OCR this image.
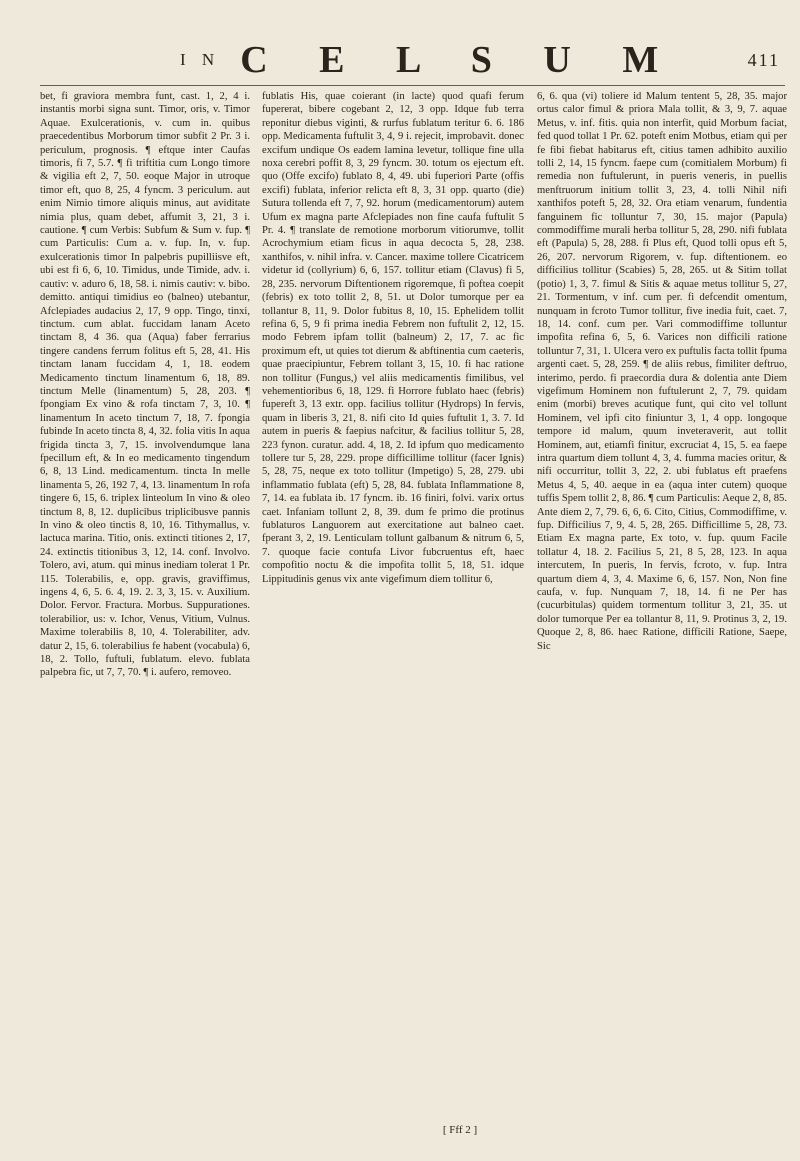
I N C E L S U M	411

bet, fi graviora membra funt, cast. 1, 2, 4 i. instantis morbi signa sunt. Timor, oris, v. Timor Aquae. Exulcerationis, v. cum in. quibus praecedentibus Morborum timor subfit 2 Pr. 3 i. periculum, prognosis. ¶ eftque inter Caufas timoris, fi 7, 5.7. ¶ fi triftitia cum Longo timore & vigilia eft 2, 7, 50. eoque Major in utroque timor eft, quo 8, 25, 4 fyncm. 3 periculum. aut enim Nimio timore aliquis minus, aut aviditate nimia plus, quam debet, affumit 3, 21, 3 i. cautione. ¶ cum Verbis: Subfum & Sum v. fup. ¶ cum Particulis: Cum a. v. fup. In, v. fup. exulcerationis timor In palpebris pupilliisve eft, ubi est fi 6, 6, 10. Timidus, unde Timide, adv. i. cautiv: v. aduro 6, 18, 58. i. nimis cautiv: v. bibo. demitto. antiqui timidius eo (balneo) utebantur, Afclepiades audacius 2, 17, 9 opp. Tingo, tinxi, tinctum. cum ablat. fuccidam lanam Aceto tinctam 8, 4 36. qua (Aqua) faber ferrarius tingere candens ferrum folitus eft 5, 28, 41. His tinctam lanam fuccidam 4, 1, 18. eodem Medicamento tinctum linamentum 6, 18, 89. tinctum Melle (linamentum) 5, 28, 203. ¶ fpongiam Ex vino & rofa tinctam 7, 3, 10. ¶ linamentum In aceto tinctum 7, 18, 7. fpongia fubinde In aceto tincta 8, 4, 32. folia vitis In aqua frigida tincta 3, 7, 15. involvendumque lana fpecillum eft, & In eo medicamento tingendum 6, 8, 13 Lind. medicamentum. tincta In melle linamenta 5, 26, 192 7, 4, 13. linamentum In rofa tingere 6, 15, 6. triplex linteolum In vino & oleo tinctum 8, 8, 12. duplicibus triplicibusve pannis In vino & oleo tinctis 8, 10, 16. Tithymallus, v. lactuca marina. Titio, onis. extincti titiones 2, 17, 24. extinctis titionibus 3, 12, 14. conf. Involvo. Tolero, avi, atum. qui minus inediam tolerat 1 Pr. 115. Tolerabilis, e, opp. gravis, graviffimus, ingens 4, 6, 5. 6. 4, 19. 2. 3, 3, 15. v. Auxilium. Dolor. Fervor. Fractura. Morbus. Suppurationes. tolerabilior, us: v. Ichor, Venus, Vitium, Vulnus. Maxime tolerabilis 8, 10, 4. Tolerabiliter, adv. datur 2, 15, 6. tolerabilius fe habent (vocabula) 6, 18, 2. Tollo, fuftuli, fublatum. elevo. fublata palpebra fic, ut 7, 7, 70. ¶ i. aufero, removeo.

fublatis His, quae coierant (in lacte) quod quafi ferum fupererat, bibere cogebant 2, 12, 3 opp. Idque fub terra reponitur diebus viginti, & rurfus fublatum teritur 6. 6. 186 opp. Medicamenta fuftulit 3, 4, 9 i. rejecit, improbavit. donec excifum undique Os eadem lamina levetur, tollique fine ulla noxa cerebri poffit 8, 3, 29 fyncm. 30. totum os ejectum eft. quo (Offe excifo) fublato 8, 4, 49. ubi fuperiori Parte (offis excifi) fublata, inferior relicta eft 8, 3, 31 opp. quarto (die) Sutura tollenda eft 7, 7, 92. horum (medicamentorum) autem Ufum ex magna parte Afclepiades non fine caufa fuftulit 5 Pr. 4. ¶ translate de remotione morborum vitiorumve, tollit Acrochymium etiam ficus in aqua decocta 5, 28, 238. xanthifos, v. nihil infra. v. Cancer. maxime tollere Cicatricem videtur id (collyrium) 6, 6, 157. tollitur etiam (Clavus) fi 5, 28, 235. nervorum Diftentionem rigoremque, fi poftea coepit (febris) ex toto tollit 2, 8, 51. ut Dolor tumorque per ea tollantur 8, 11, 9. Dolor fubitus 8, 10, 15. Ephelidem tollit refina 6, 5, 9 fi prima inedia Febrem non fuftulit 2, 12, 15. modo Febrem ipfam tollit (balneum) 2, 17, 7. ac fic proximum eft, ut quies tot dierum & abftinentia cum caeteris, quae praecipiuntur, Febrem tollant 3, 15, 10. fi hac ratione non tollitur (Fungus,) vel aliis medicamentis fimilibus, vel vehementioribus 6, 18, 129. fi Horrore fublato haec (febris) fupereft 3, 13 extr. opp. facilius tollitur (Hydrops) In fervis, quam in liberis 3, 21, 8. nifi cito Id quies fuftulit 1, 3. 7. Id autem in pueris & faepius nafcitur, & facilius tollitur 5, 28, 223 fynon. curatur. add. 4, 18, 2. Id ipfum quo medicamento tollere tur 5, 28, 229. prope difficillime tollitur (facer Ignis) 5, 28, 75, neque ex toto tollitur (Impetigo) 5, 28, 279. ubi inflammatio fublata (eft) 5, 28, 84. fublata Inflammatione 8, 7, 14. ea fublata ib. 17 fyncm. ib. 16 finiri, folvi. varix ortus caet. Infaniam tollunt 2, 8, 39. dum fe primo die protinus fublaturos Languorem aut exercitatione aut balneo caet. fperant 3, 2, 19. Lenticulam tollunt galbanum & nitrum 6, 5, 7. quoque facie contufa Livor fubcruentus eft, haec compofitio noctu & die impofita tollit 5, 18, 51. idque Lippitudinis genus vix ante vigefimum diem tollitur 6,

6, 6. qua (vi) toliere id Malum tentent 5, 28, 35. major ortus calor fimul & priora Mala tollit, & 3, 9, 7. aquae Metus, v. inf. fitis. quia non interfit, quid Morbum faciat, fed quod tollat 1 Pr. 62. poteft enim Motbus, etiam qui per fe fibi fiebat habitarus eft, citius tamen adhibito auxilio tolli 2, 14, 15 fyncm. faepe cum (comitialem Morbum) fi remedia non fuftulerunt, in pueris veneris, in puellis menftruorum initium tollit 3, 23, 4. tolli Nihil nifi xanthifos poteft 5, 28, 32. Ora etiam venarum, fundentia fanguinem fic tolluntur 7, 30, 15. major (Papula) commodiffime murali herba tollitur 5, 28, 290. nifi fublata eft (Papula) 5, 28, 288. fi Plus eft, Quod tolli opus eft 5, 26, 207. nervorum Rigorem, v. fup. diftentionem. eo difficilius tollitur (Scabies) 5, 28, 265. ut & Sitim tollat (potio) 1, 3, 7. fimul & Sitis & aquae metus tollitur 5, 27, 21. Tormentum, v inf. cum per. fi defcendit omentum, nunquam in fcroto Tumor tollitur, five inedia fuit, caet. 7, 18, 14. conf. cum per. Vari commodiffime tolluntur impofita refina 6, 5, 6. Varices non difficili ratione tolluntur 7, 31, 1. Ulcera vero ex puftulis facta tollit fpuma argenti caet. 5, 28, 259. ¶ de aliis rebus, fimiliter deftruo, interimo, perdo. fi praecordia dura & dolentia ante Diem vigefimum Hominem non fuftulerunt 2, 7, 79. quidam enim (morbi) breves acutique funt, qui cito vel tollunt Hominem, vel ipfi cito finiuntur 3, 1, 4 opp. longoque tempore id malum, quum inveteraverit, aut tollit Hominem, aut, etiamfi finitur, excruciat 4, 15, 5. ea faepe intra quartum diem tollunt 4, 3, 4. fumma macies oritur, & nifi occurritur, tollit 3, 22, 2. ubi fublatus eft praefens Metus 4, 5, 40. aeque in ea (aqua inter cutem) quoque tuffis Spem tollit 2, 8, 86. ¶ cum Particulis: Aeque 2, 8, 85. Ante diem 2, 7, 79. 6, 6, 6. Cito, Citius, Commodiffime, v. fup. Difficilius 7, 9, 4. 5, 28, 265. Difficillime 5, 28, 73. Etiam Ex magna parte, Ex toto, v. fup. quum Facile tollatur 4, 18. 2. Facilius 5, 21, 8 5, 28, 123. In aqua intercutem, In pueris, In fervis, fcroto, v. fup. Intra quartum diem 4, 3, 4. Maxime 6, 6, 157. Non, Non fine caufa, v. fup. Nunquam 7, 18, 14. fi ne Per has (cucurbitulas) quidem tormentum tollitur 3, 21, 35. ut dolor tumorque Per ea tollantur 8, 11, 9. Protinus 3, 2, 19. Quoque 2, 8, 86. haec Ratione, difficili Ratione, Saepe, Sic

[ Fff 2 ]
